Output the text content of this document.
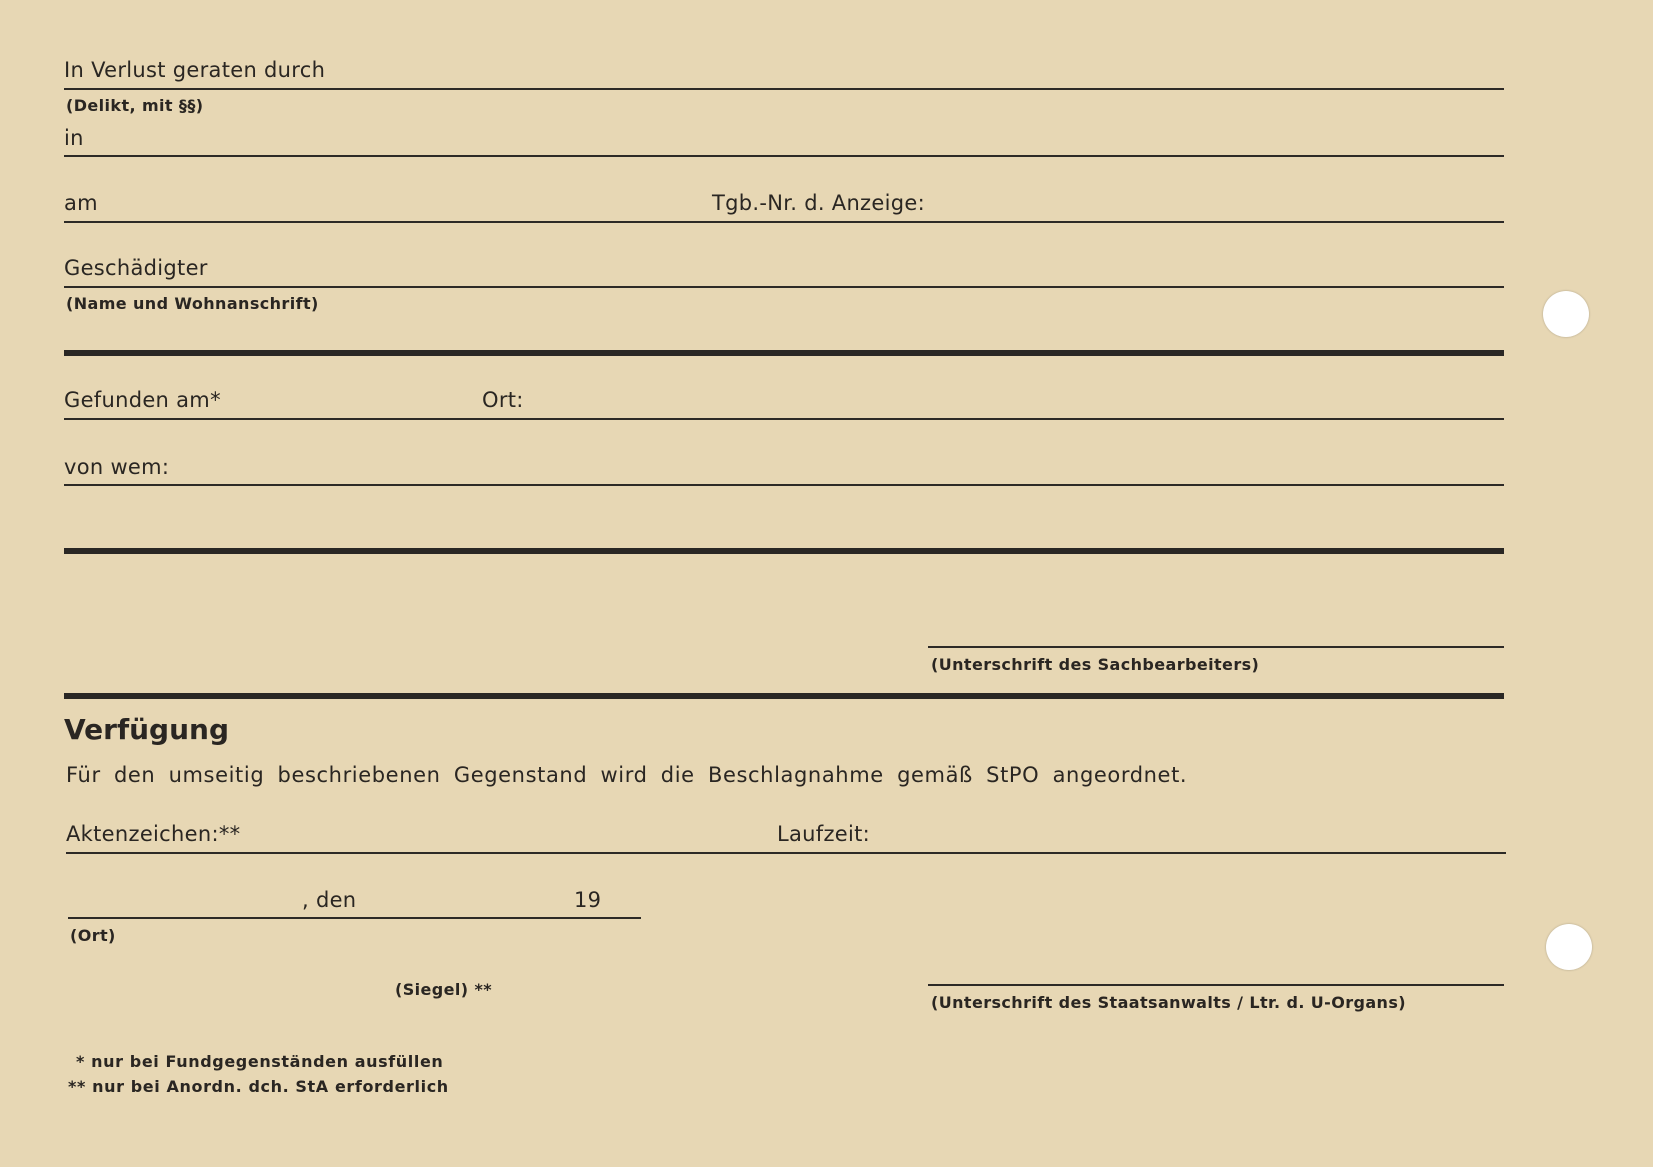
In Verlust geraten durch
(Delikt, mit §§)
in
am	Tgb.-Nr. d. Anzeige:
Geschädigter
(Name und Wohnanschrift)
Gefunden am*	Ort:
von wem:
(Unterschrift des Sachbearbeiters)
Verfügung
Für den umseitig beschriebenen Gegenstand wird die Beschlagnahme gemäß StPO angeordnet.
Aktenzeichen:**	Laufzeit:
, den	19
(Ort)
(Siegel) **
(Unterschrift des Staatsanwalts / Ltr. d. U-Organs)
* nur bei Fundgegenständen ausfüllen
** nur bei Anordn. dch. StA erforderlich
